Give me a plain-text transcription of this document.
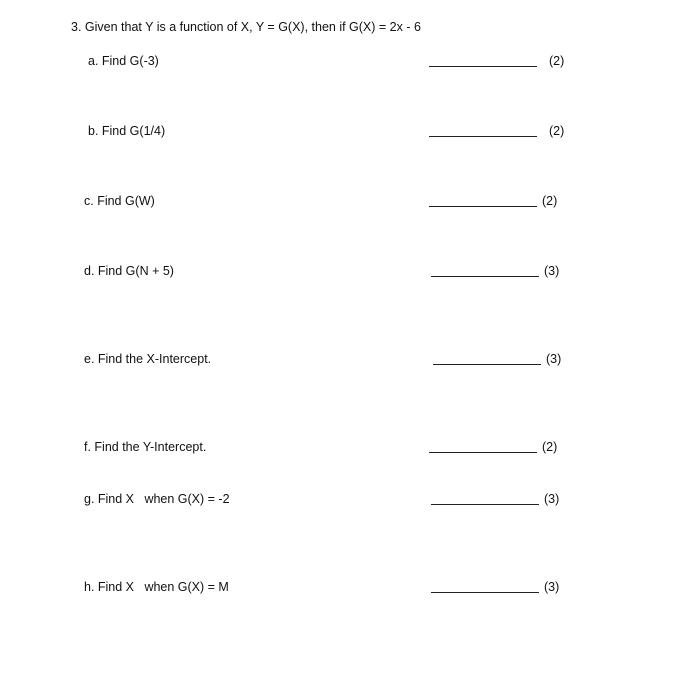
3. Given that Y is a function of X, Y = G(X), then if G(X) = 2x - 6
a. Find G(-3)	(2)
b. Find G(1/4)	(2)
c. Find G(W)	(2)
d. Find G(N + 5)	(3)
e. Find the X-Intercept.	(3)
f. Find the Y-Intercept.	(2)
g. Find X   when G(X) = -2	(3)
h. Find X   when G(X) = M	(3)
